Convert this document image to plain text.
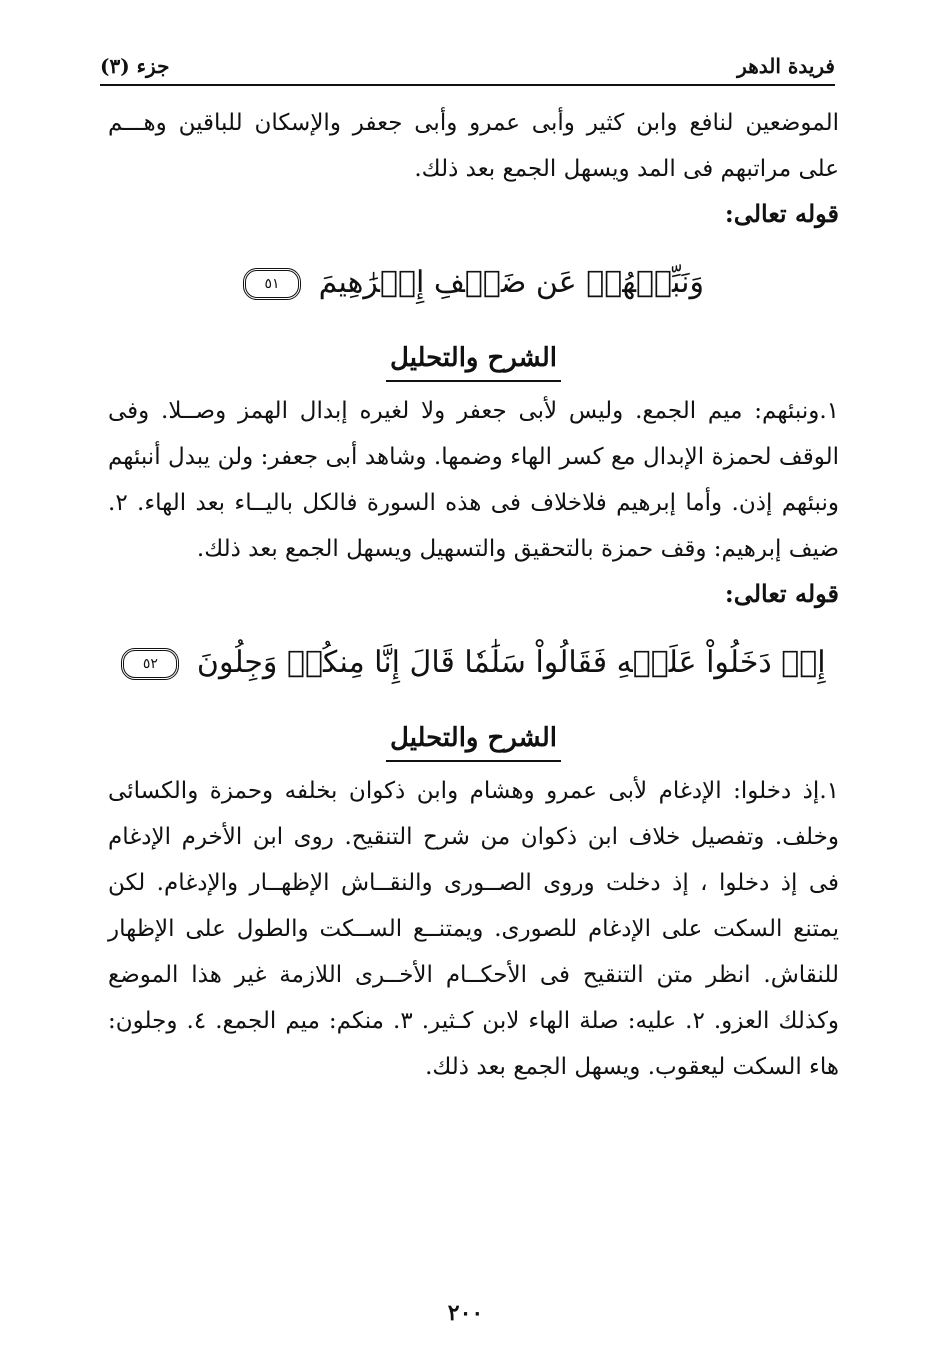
فريدة الدهر
جزء (٣)

الموضعين لنافع وابن كثير وأبى عمرو وأبى جعفر والإسكان للباقين وهـــم على مراتبهم فى المد ويسهل الجمع بعد ذلك.

قوله تعالى:

وَنَبِّئۡهُمۡ عَن ضَيۡفِ إِبۡرَٰهِيمَ ٥١
الشرح والتحليل

١.ونبئهم: ميم الجمع. وليس لأبى جعفر ولا لغيره إبدال الهمز وصــلا. وفى الوقف لحمزة الإبدال مع كسر الهاء وضمها. وشاهد أبى جعفر: ولن يبدل أنبئهم ونبئهم إذن. وأما إبرهيم فلاخلاف فى هذه السورة فالكل باليــاء بعد الهاء. ٢. ضيف إبرهيم: وقف حمزة بالتحقيق والتسهيل ويسهل الجمع بعد ذلك.

قوله تعالى:

إِذۡ دَخَلُواْ عَلَيۡهِ فَقَالُواْ سَلَٰمٗا قَالَ إِنَّا مِنكُمۡ وَجِلُونَ ٥٢
الشرح والتحليل

١.إذ دخلوا: الإدغام لأبى عمرو وهشام وابن ذكوان بخلفه وحمزة والكسائى وخلف. وتفصيل خلاف ابن ذكوان من شرح التنقيح. روى ابن الأخرم الإدغام فى إذ دخلوا ، إذ دخلت وروى الصــورى والنقــاش الإظهــار والإدغام. لكن يمتنع السكت على الإدغام للصورى. ويمتنــع الســكت والطول على الإظهار للنقاش. انظر متن التنقيح فى الأحكــام الأخــرى اللازمة غير هذا الموضع وكذلك العزو. ٢. عليه: صلة الهاء لابن كـثير. ٣. منكم: ميم الجمع. ٤. وجلون: هاء السكت ليعقوب. ويسهل الجمع بعد ذلك.

٢٠٠
